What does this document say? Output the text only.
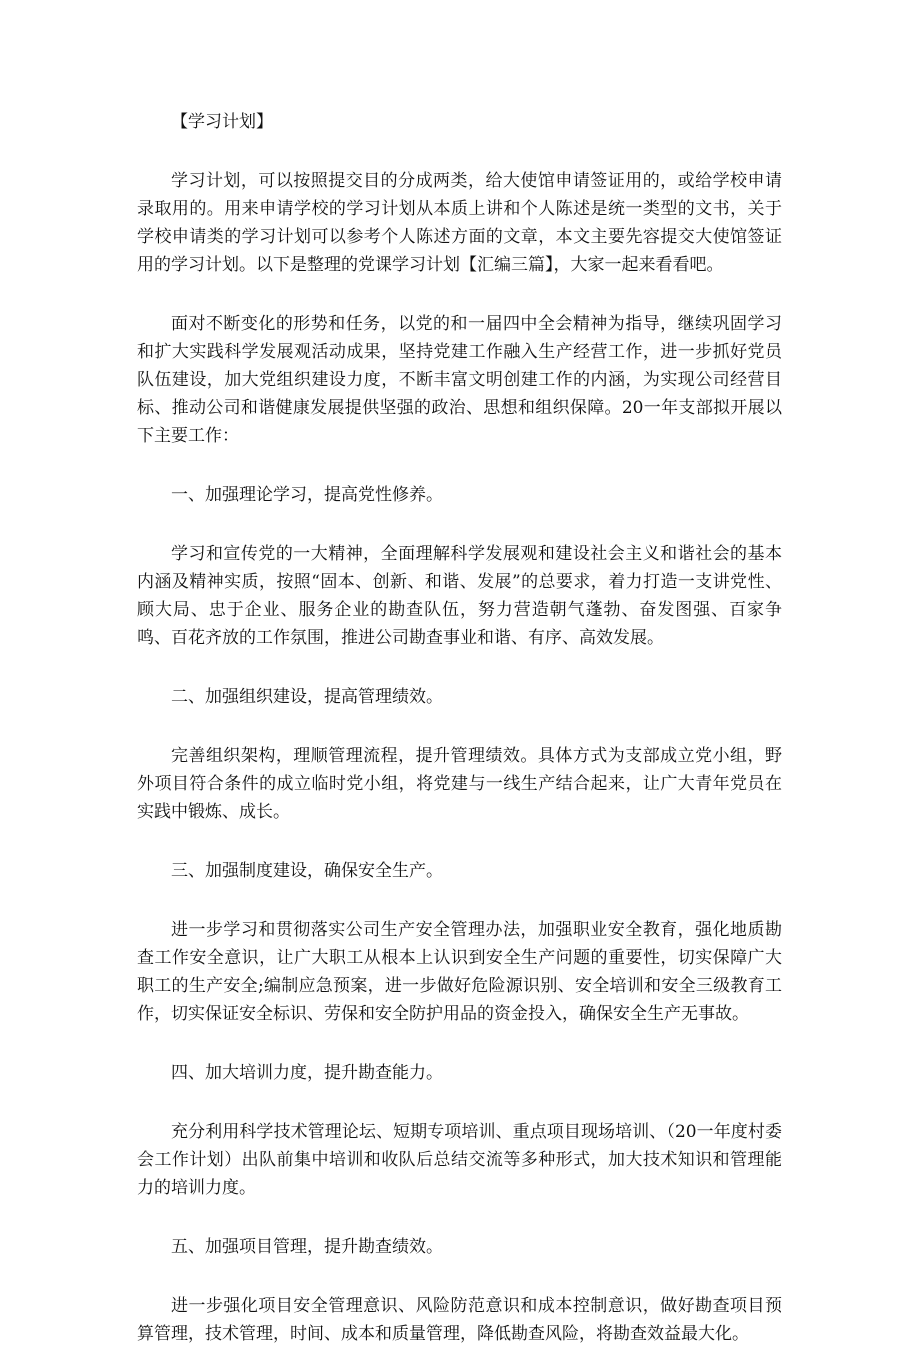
【学习计划】

学习计划，可以按照提交目的分成两类，给大使馆申请签证用的，或给学校申请录取用的。用来申请学校的学习计划从本质上讲和个人陈述是统一类型的文书，关于学校申请类的学习计划可以参考个人陈述方面的文章，本文主要先容提交大使馆签证用的学习计划。以下是整理的党课学习计划【汇编三篇】，大家一起来看看吧。

面对不断变化的形势和任务，以党的和一届四中全会精神为指导，继续巩固学习和扩大实践科学发展观活动成果，坚持党建工作融入生产经营工作，进一步抓好党员队伍建设，加大党组织建设力度，不断丰富文明创建工作的内涵，为实现公司经营目标、推动公司和谐健康发展提供坚强的政治、思想和组织保障。20一年支部拟开展以下主要工作：

一、加强理论学习，提高党性修养。

学习和宣传党的一大精神，全面理解科学发展观和建设社会主义和谐社会的基本内涵及精神实质，按照“固本、创新、和谐、发展”的总要求，着力打造一支讲党性、顾大局、忠于企业、服务企业的勘查队伍，努力营造朝气蓬勃、奋发图强、百家争鸣、百花齐放的工作氛围，推进公司勘查事业和谐、有序、高效发展。

二、加强组织建设，提高管理绩效。

完善组织架构，理顺管理流程，提升管理绩效。具体方式为支部成立党小组，野外项目符合条件的成立临时党小组，将党建与一线生产结合起来，让广大青年党员在实践中锻炼、成长。

三、加强制度建设，确保安全生产。

进一步学习和贯彻落实公司生产安全管理办法，加强职业安全教育，强化地质勘查工作安全意识，让广大职工从根本上认识到安全生产问题的重要性，切实保障广大职工的生产安全;编制应急预案，进一步做好危险源识别、安全培训和安全三级教育工作，切实保证安全标识、劳保和安全防护用品的资金投入，确保安全生产无事故。

四、加大培训力度，提升勘查能力。

充分利用科学技术管理论坛、短期专项培训、重点项目现场培训、（20一年度村委会工作计划）出队前集中培训和收队后总结交流等多种形式，加大技术知识和管理能力的培训力度。

五、加强项目管理，提升勘查绩效。

进一步强化项目安全管理意识、风险防范意识和成本控制意识，做好勘查项目预算管理，技术管理，时间、成本和质量管理，降低勘查风险，将勘查效益最大化。
